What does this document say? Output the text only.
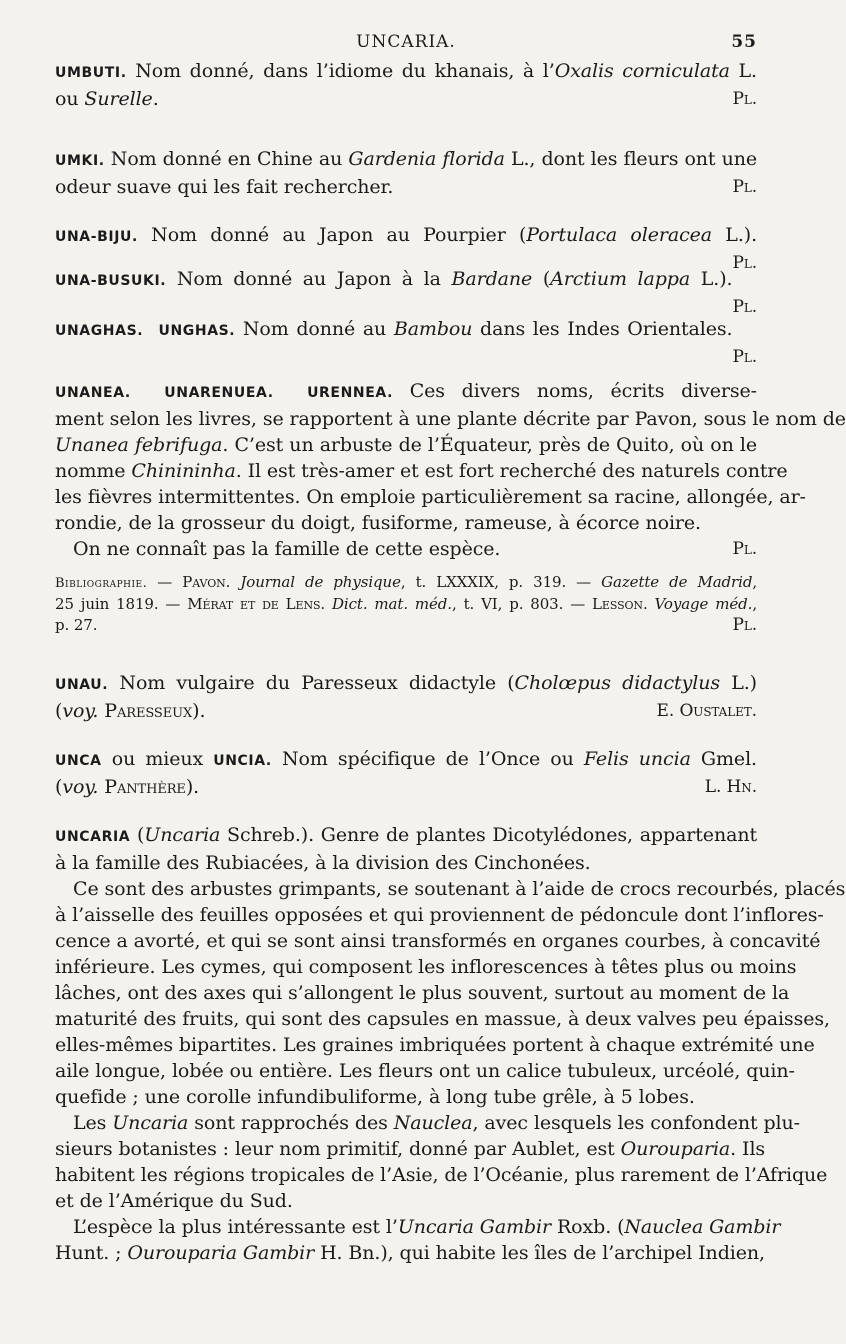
UNCARIA.	55
UMBUTI. Nom donné, dans l’idiome du khanais, à l’Oxalis corniculata L.
ou Surelle.	Pl.
UMKI. Nom donné en Chine au Gardenia florida L., dont les fleurs ont une
odeur suave qui les fait rechercher.	Pl.
UNA-BIJU. Nom donné au Japon au Pourpier (Portulaca oleracea L.).
Pl.
UNA-BUSUKI. Nom donné au Japon à la Bardane (Arctium lappa L.).
Pl.
UNAGHAS. UNGHAS. Nom donné au Bambou dans les Indes Orientales.
Pl.
UNANEA. UNARENUEA. URENNEA. Ces divers noms, écrits diverse-
ment selon les livres, se rapportent à une plante décrite par Pavon, sous le nom de
Unanea febrifuga. C’est un arbuste de l’Équateur, près de Quito, où on le
nomme Chinininha. Il est très-amer et est fort recherché des naturels contre
les fièvres intermittentes. On emploie particulièrement sa racine, allongée, ar-
rondie, de la grosseur du doigt, fusiforme, rameuse, à écorce noire.
On ne connaît pas la famille de cette espèce.	Pl.
Bibliographie. — Pavon. Journal de physique, t. LXXXIX, p. 319. — Gazette de Madrid,
25 juin 1819. — Mérat et de Lens. Dict. mat. méd., t. VI, p. 803. — Lesson. Voyage méd.,
p. 27.	Pl.
UNAU. Nom vulgaire du Paresseux didactyle (Cholœpus didactylus L.)
(voy. Paresseux).	E. Oustalet.
UNCA ou mieux UNCIA. Nom spécifique de l’Once ou Felis uncia Gmel.
(voy. Panthère).	L. Hn.
UNCARIA (Uncaria Schreb.). Genre de plantes Dicotylédones, appartenant
à la famille des Rubiacées, à la division des Cinchonées.
Ce sont des arbustes grimpants, se soutenant à l’aide de crocs recourbés, placés
à l’aisselle des feuilles opposées et qui proviennent de pédoncule dont l’inflores-
cence a avorté, et qui se sont ainsi transformés en organes courbes, à concavité
inférieure. Les cymes, qui composent les inflorescences à têtes plus ou moins
lâches, ont des axes qui s’allongent le plus souvent, surtout au moment de la
maturité des fruits, qui sont des capsules en massue, à deux valves peu épaisses,
elles-mêmes bipartites. Les graines imbriquées portent à chaque extrémité une
aile longue, lobée ou entière. Les fleurs ont un calice tubuleux, urcéolé, quin-
quefide ; une corolle infundibuliforme, à long tube grêle, à 5 lobes.
Les Uncaria sont rapprochés des Nauclea, avec lesquels les confondent plu-
sieurs botanistes : leur nom primitif, donné par Aublet, est Ourouparia. Ils
habitent les régions tropicales de l’Asie, de l’Océanie, plus rarement de l’Afrique
et de l’Amérique du Sud.
L’espèce la plus intéressante est l’Uncaria Gambir Roxb. (Nauclea Gambir
Hunt. ; Ourouparia Gambir H. Bn.), qui habite les îles de l’archipel Indien,
